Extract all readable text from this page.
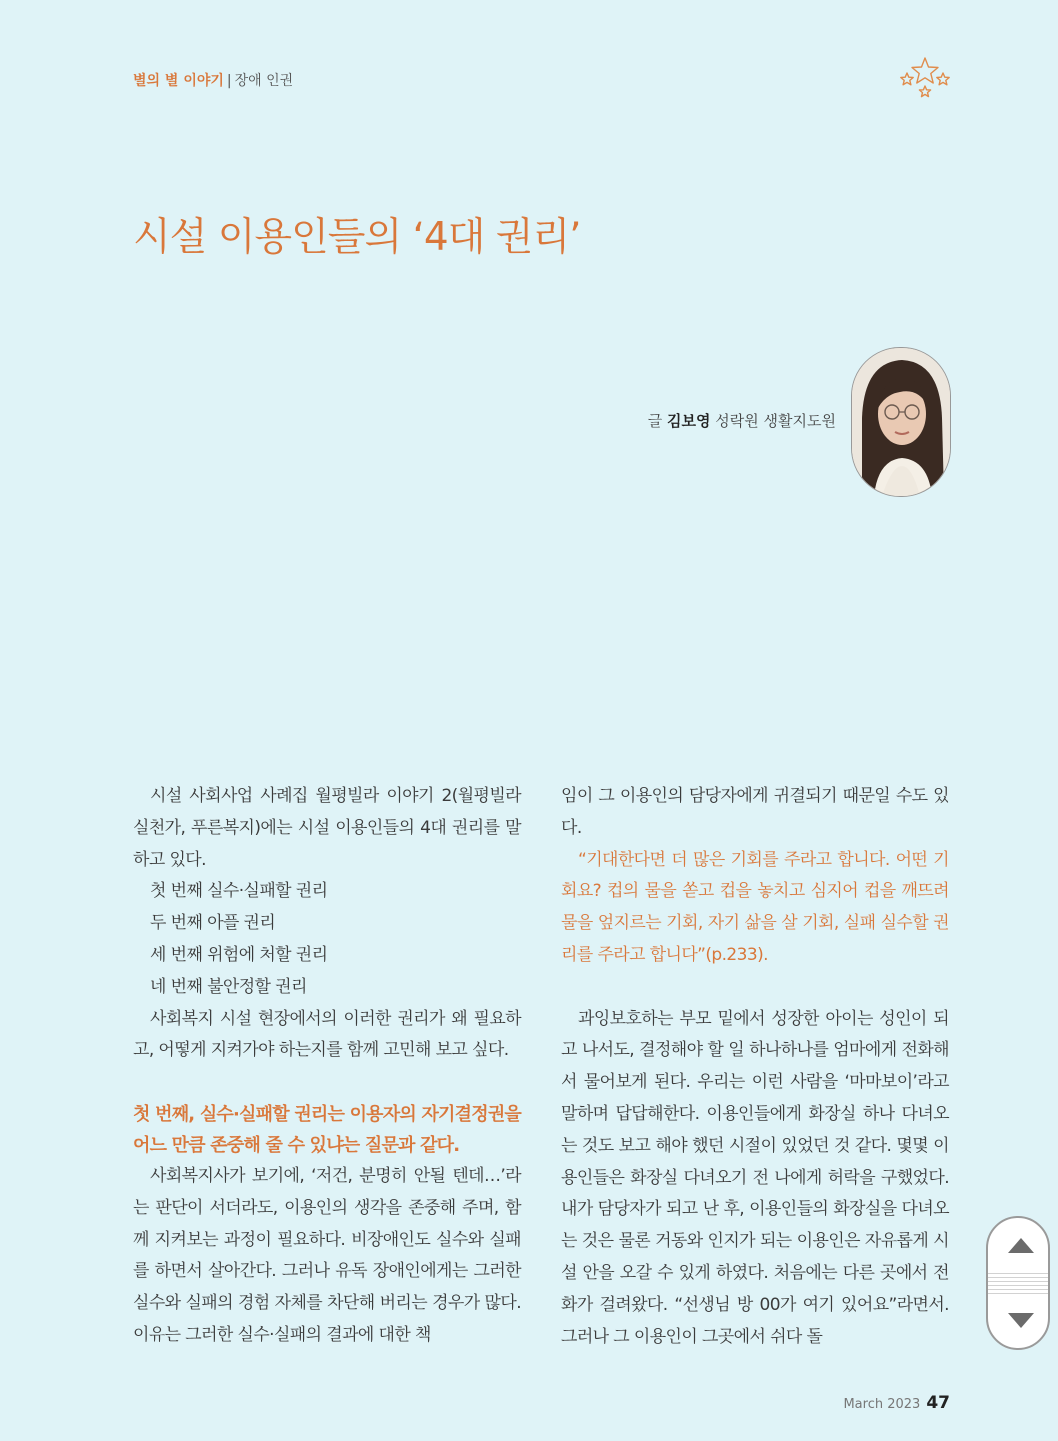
별의 별 이야기 | 장애 인권
시설 이용인들의 ‘4대 권리’
글 김보영 성락원 생활지도원

시설 사회사업 사례집 월평빌라 이야기 2(월평빌라 실천가, 푸른복지)에는 시설 이용인들의 4대 권리를 말하고 있다.

첫 번째 실수·실패할 권리

두 번째 아플 권리

세 번째 위험에 처할 권리

네 번째 불안정할 권리

사회복지 시설 현장에서의 이러한 권리가 왜 필요하고, 어떻게 지켜가야 하는지를 함께 고민해 보고 싶다.

첫 번째, 실수·실패할 권리는 이용자의 자기결정권을 어느 만큼 존중해 줄 수 있냐는 질문과 같다.

사회복지사가 보기에, ‘저건, 분명히 안될 텐데…’라는 판단이 서더라도, 이용인의 생각을 존중해 주며, 함께 지켜보는 과정이 필요하다. 비장애인도 실수와 실패를 하면서 살아간다. 그러나 유독 장애인에게는 그러한 실수와 실패의 경험 자체를 차단해 버리는 경우가 많다. 이유는 그러한 실수·실패의 결과에 대한 책

임이 그 이용인의 담당자에게 귀결되기 때문일 수도 있다.

“기대한다면 더 많은 기회를 주라고 합니다. 어떤 기회요? 컵의 물을 쏟고 컵을 놓치고 심지어 컵을 깨뜨려 물을 엎지르는 기회, 자기 삶을 살 기회, 실패 실수할 권리를 주라고 합니다”(p.233).

과잉보호하는 부모 밑에서 성장한 아이는 성인이 되고 나서도, 결정해야 할 일 하나하나를 엄마에게 전화해서 물어보게 된다. 우리는 이런 사람을 ‘마마보이’라고 말하며 답답해한다. 이용인들에게 화장실 하나 다녀오는 것도 보고 해야 했던 시절이 있었던 것 같다. 몇몇 이용인들은 화장실 다녀오기 전 나에게 허락을 구했었다. 내가 담당자가 되고 난 후, 이용인들의 화장실을 다녀오는 것은 물론 거동와 인지가 되는 이용인은 자유롭게 시설 안을 오갈 수 있게 하였다. 처음에는 다른 곳에서 전화가 걸려왔다. “선생님 방 00가 여기 있어요”라면서. 그러나 그 이용인이 그곳에서 쉬다 돌

March 2023 47
